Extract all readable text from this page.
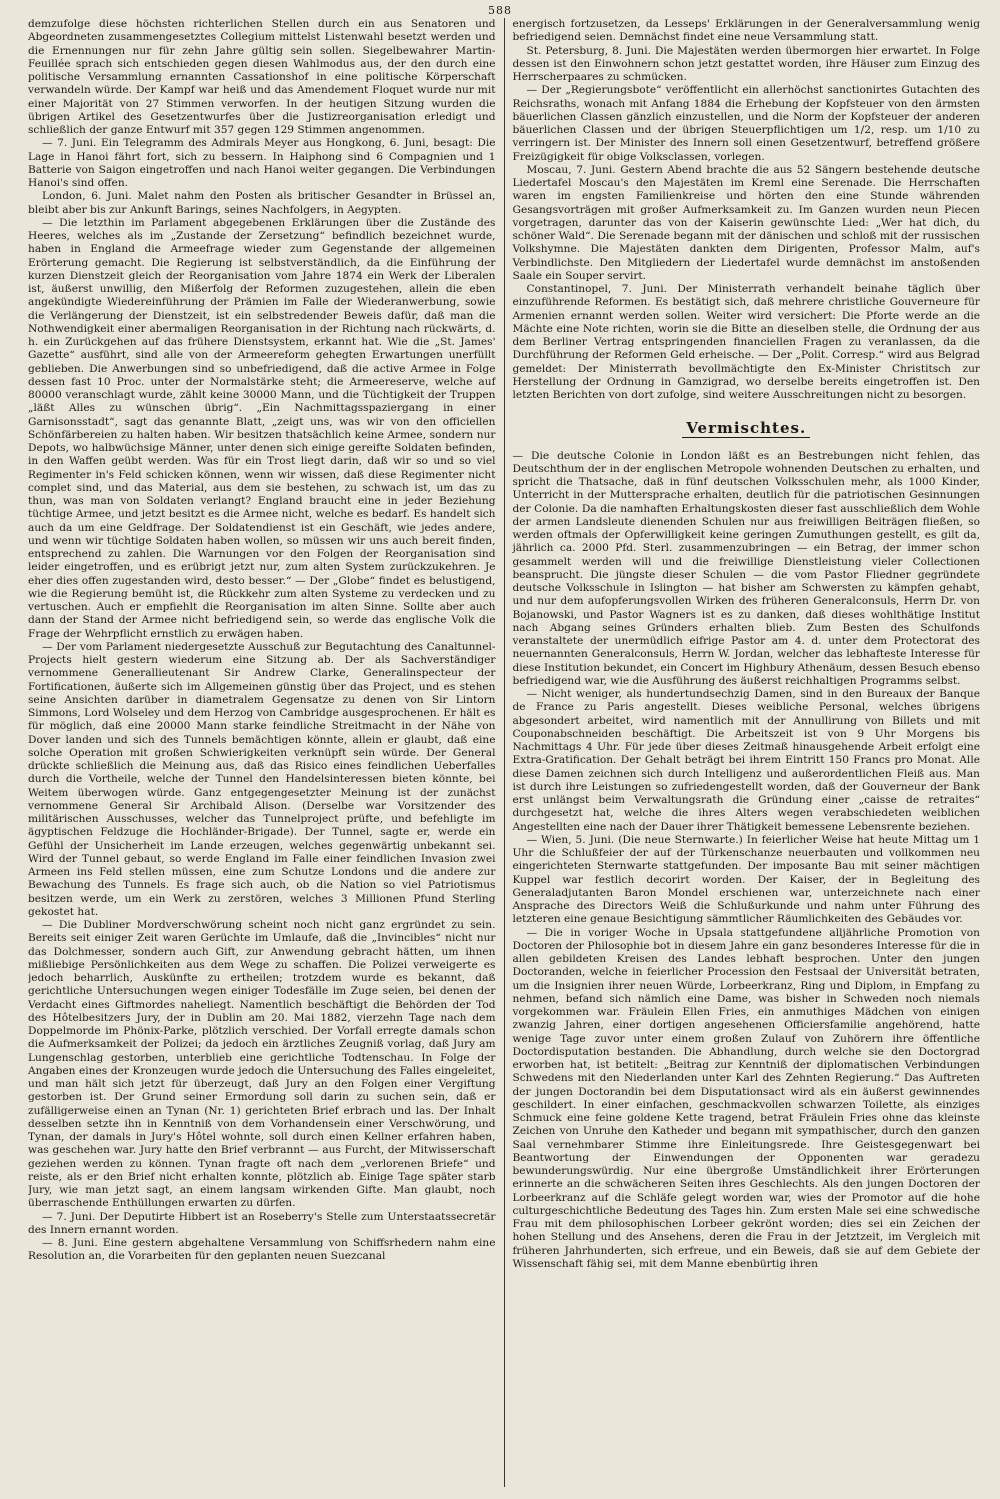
588

demzufolge diese höchsten richterlichen Stellen durch ein aus Senatoren und Abgeordneten zusammengesetztes Collegium mittelst Listenwahl besetzt werden und die Ernennungen nur für zehn Jahre gültig sein sollen. Siegelbewahrer Martin-Feuillée sprach sich entschieden gegen diesen Wahlmodus aus, der den durch eine politische Versammlung ernannten Cassationshof in eine politische Körperschaft verwandeln würde. Der Kampf war heiß und das Amendement Floquet wurde nur mit einer Majorität von 27 Stimmen verworfen. In der heutigen Sitzung wurden die übrigen Artikel des Gesetzentwurfes über die Justizreorganisation erledigt und schließlich der ganze Entwurf mit 357 gegen 129 Stimmen angenommen.

— 7. Juni. Ein Telegramm des Admirals Meyer aus Hongkong, 6. Juni, besagt: Die Lage in Hanoi fährt fort, sich zu bessern. In Haiphong sind 6 Compagnien und 1 Batterie von Saigon eingetroffen und nach Hanoi weiter gegangen. Die Verbindungen Hanoi's sind offen.

London, 6. Juni. Malet nahm den Posten als britischer Gesandter in Brüssel an, bleibt aber bis zur Ankunft Barings, seines Nachfolgers, in Aegypten.

— Die letzthin im Parlament abgegebenen Erklärungen über die Zustände des Heeres, welches als im „Zustande der Zersetzung“ befindlich bezeichnet wurde, haben in England die Armeefrage wieder zum Gegenstande der allgemeinen Erörterung gemacht. Die Regierung ist selbstverständlich, da die Einführung der kurzen Dienstzeit gleich der Reorganisation vom Jahre 1874 ein Werk der Liberalen ist, äußerst unwillig, den Mißerfolg der Reformen zuzugestehen, allein die eben angekündigte Wiedereinführung der Prämien im Falle der Wiederanwerbung, sowie die Verlängerung der Dienstzeit, ist ein selbstredender Beweis dafür, daß man die Nothwendigkeit einer abermaligen Reorganisation in der Richtung nach rückwärts, d. h. ein Zurückgehen auf das frühere Dienstsystem, erkannt hat. Wie die „St. James' Gazette“ ausführt, sind alle von der Armeereform gehegten Erwartungen unerfüllt geblieben. Die Anwerbungen sind so unbefriedigend, daß die active Armee in Folge dessen fast 10 Proc. unter der Normalstärke steht; die Armeereserve, welche auf 80000 veranschlagt wurde, zählt keine 30000 Mann, und die Tüchtigkeit der Truppen „läßt Alles zu wünschen übrig“. „Ein Nachmittagsspaziergang in einer Garnisonsstadt“, sagt das genannte Blatt, „zeigt uns, was wir von den officiellen Schönfärbereien zu halten haben. Wir besitzen thatsächlich keine Armee, sondern nur Depots, wo halbwüchsige Männer, unter denen sich einige gereifte Soldaten befinden, in den Waffen geübt werden. Was für ein Trost liegt darin, daß wir so und so viel Regimenter in's Feld schicken können, wenn wir wissen, daß diese Regimenter nicht complet sind, und das Material, aus dem sie bestehen, zu schwach ist, um das zu thun, was man von Soldaten verlangt? England braucht eine in jeder Beziehung tüchtige Armee, und jetzt besitzt es die Armee nicht, welche es bedarf. Es handelt sich auch da um eine Geldfrage. Der Soldatendienst ist ein Geschäft, wie jedes andere, und wenn wir tüchtige Soldaten haben wollen, so müssen wir uns auch bereit finden, entsprechend zu zahlen. Die Warnungen vor den Folgen der Reorganisation sind leider eingetroffen, und es erübrigt jetzt nur, zum alten System zurückzukehren. Je eher dies offen zugestanden wird, desto besser.“ — Der „Globe“ findet es belustigend, wie die Regierung bemüht ist, die Rückkehr zum alten Systeme zu verdecken und zu vertuschen. Auch er empfiehlt die Reorganisation im alten Sinne. Sollte aber auch dann der Stand der Armee nicht befriedigend sein, so werde das englische Volk die Frage der Wehrpflicht ernstlich zu erwägen haben.

— Der vom Parlament niedergesetzte Ausschuß zur Begutachtung des Canaltunnel-Projects hielt gestern wiederum eine Sitzung ab. Der als Sachverständiger vernommene Generallieutenant Sir Andrew Clarke, Generalinspecteur der Fortificationen, äußerte sich im Allgemeinen günstig über das Project, und es stehen seine Ansichten darüber in diametralem Gegensatze zu denen von Sir Lintorn Simmons, Lord Wolseley und dem Herzog von Cambridge ausgesprochenen. Er hält es für möglich, daß eine 20000 Mann starke feindliche Streitmacht in der Nähe von Dover landen und sich des Tunnels bemächtigen könnte, allein er glaubt, daß eine solche Operation mit großen Schwierigkeiten verknüpft sein würde. Der General drückte schließlich die Meinung aus, daß das Risico eines feindlichen Ueberfalles durch die Vortheile, welche der Tunnel den Handelsinteressen bieten könnte, bei Weitem überwogen würde. Ganz entgegengesetzter Meinung ist der zunächst vernommene General Sir Archibald Alison. (Derselbe war Vorsitzender des militärischen Ausschusses, welcher das Tunnelproject prüfte, und befehligte im ägyptischen Feldzuge die Hochländer-Brigade). Der Tunnel, sagte er, werde ein Gefühl der Unsicherheit im Lande erzeugen, welches gegenwärtig unbekannt sei. Wird der Tunnel gebaut, so werde England im Falle einer feindlichen Invasion zwei Armeen ins Feld stellen müssen, eine zum Schutze Londons und die andere zur Bewachung des Tunnels. Es frage sich auch, ob die Nation so viel Patriotismus besitzen werde, um ein Werk zu zerstören, welches 3 Millionen Pfund Sterling gekostet hat.

— Die Dubliner Mordverschwörung scheint noch nicht ganz ergründet zu sein. Bereits seit einiger Zeit waren Gerüchte im Umlaufe, daß die „Invincibles“ nicht nur das Dolchmesser, sondern auch Gift, zur Anwendung gebracht hätten, um ihnen mißliebige Persönlichkeiten aus dem Wege zu schaffen. Die Polizei verweigerte es jedoch beharrlich, Auskünfte zu ertheilen; trotzdem wurde es bekannt, daß gerichtliche Untersuchungen wegen einiger Todesfälle im Zuge seien, bei denen der Verdacht eines Giftmordes naheliegt. Namentlich beschäftigt die Behörden der Tod des Hôtelbesitzers Jury, der in Dublin am 20. Mai 1882, vierzehn Tage nach dem Doppelmorde im Phönix-Parke, plötzlich verschied. Der Vorfall erregte damals schon die Aufmerksamkeit der Polizei; da jedoch ein ärztliches Zeugniß vorlag, daß Jury am Lungenschlag gestorben, unterblieb eine gerichtliche Todtenschau. In Folge der Angaben eines der Kronzeugen wurde jedoch die Untersuchung des Falles eingeleitet, und man hält sich jetzt für überzeugt, daß Jury an den Folgen einer Vergiftung gestorben ist. Der Grund seiner Ermordung soll darin zu suchen sein, daß er zufälligerweise einen an Tynan (Nr. 1) gerichteten Brief erbrach und las. Der Inhalt desselben setzte ihn in Kenntniß von dem Vorhandensein einer Verschwörung, und Tynan, der damals in Jury's Hôtel wohnte, soll durch einen Kellner erfahren haben, was geschehen war. Jury hatte den Brief verbrannt — aus Furcht, der Mitwisserschaft geziehen werden zu können. Tynan fragte oft nach dem „verlorenen Briefe“ und reiste, als er den Brief nicht erhalten konnte, plötzlich ab. Einige Tage später starb Jury, wie man jetzt sagt, an einem langsam wirkenden Gifte. Man glaubt, noch überraschende Enthüllungen erwarten zu dürfen.

— 7. Juni. Der Deputirte Hibbert ist an Roseberry's Stelle zum Unterstaatssecretär des Innern ernannt worden.

— 8. Juni. Eine gestern abgehaltene Versammlung von Schiffsrhedern nahm eine Resolution an, die Vorarbeiten für den geplanten neuen Suezcanal

energisch fortzusetzen, da Lesseps' Erklärungen in der Generalversammlung wenig befriedigend seien. Demnächst findet eine neue Versammlung statt.

St. Petersburg, 8. Juni. Die Majestäten werden übermorgen hier erwartet. In Folge dessen ist den Einwohnern schon jetzt gestattet worden, ihre Häuser zum Einzug des Herrscherpaares zu schmücken.

— Der „Regierungsbote“ veröffentlicht ein allerhöchst sanctionirtes Gutachten des Reichsraths, wonach mit Anfang 1884 die Erhebung der Kopfsteuer von den ärmsten bäuerlichen Classen gänzlich einzustellen, und die Norm der Kopfsteuer der anderen bäuerlichen Classen und der übrigen Steuerpflichtigen um 1/2, resp. um 1/10 zu verringern ist. Der Minister des Innern soll einen Gesetzentwurf, betreffend größere Freizügigkeit für obige Volksclassen, vorlegen.

Moscau, 7. Juni. Gestern Abend brachte die aus 52 Sängern bestehende deutsche Liedertafel Moscau's den Majestäten im Kreml eine Serenade. Die Herrschaften waren im engsten Familienkreise und hörten den eine Stunde währenden Gesangsvorträgen mit großer Aufmerksamkeit zu. Im Ganzen wurden neun Piecen vorgetragen, darunter das von der Kaiserin gewünschte Lied: „Wer hat dich, du schöner Wald“. Die Serenade begann mit der dänischen und schloß mit der russischen Volkshymne. Die Majestäten dankten dem Dirigenten, Professor Malm, auf's Verbindlichste. Den Mitgliedern der Liedertafel wurde demnächst im anstoßenden Saale ein Souper servirt.

Constantinopel, 7. Juni. Der Ministerrath verhandelt beinahe täglich über einzuführende Reformen. Es bestätigt sich, daß mehrere christliche Gouverneure für Armenien ernannt werden sollen. Weiter wird versichert: Die Pforte werde an die Mächte eine Note richten, worin sie die Bitte an dieselben stelle, die Ordnung der aus dem Berliner Vertrag entspringenden financiellen Fragen zu veranlassen, da die Durchführung der Reformen Geld erheische. — Der „Polit. Corresp.“ wird aus Belgrad gemeldet: Der Ministerrath bevollmächtigte den Ex-Minister Christitsch zur Herstellung der Ordnung in Gamzigrad, wo derselbe bereits eingetroffen ist. Den letzten Berichten von dort zufolge, sind weitere Ausschreitungen nicht zu besorgen.

Vermischtes.

— Die deutsche Colonie in London läßt es an Bestrebungen nicht fehlen, das Deutschthum der in der englischen Metropole wohnenden Deutschen zu erhalten, und spricht die Thatsache, daß in fünf deutschen Volksschulen mehr, als 1000 Kinder, Unterricht in der Muttersprache erhalten, deutlich für die patriotischen Gesinnungen der Colonie. Da die namhaften Erhaltungskosten dieser fast ausschließlich dem Wohle der armen Landsleute dienenden Schulen nur aus freiwilligen Beiträgen fließen, so werden oftmals der Opferwilligkeit keine geringen Zumuthungen gestellt, es gilt da, jährlich ca. 2000 Pfd. Sterl. zusammenzubringen — ein Betrag, der immer schon gesammelt werden will und die freiwillige Dienstleistung vieler Collectionen beansprucht. Die jüngste dieser Schulen — die vom Pastor Fliedner gegründete deutsche Volksschule in Islington — hat bisher am Schwersten zu kämpfen gehabt, und nur dem aufopferungsvollen Wirken des früheren Generalconsuls, Herrn Dr. von Bojanowski, und Pastor Wagners ist es zu danken, daß dieses wohlthätige Institut nach Abgang seines Gründers erhalten blieb. Zum Besten des Schulfonds veranstaltete der unermüdlich eifrige Pastor am 4. d. unter dem Protectorat des neuernannten Generalconsuls, Herrn W. Jordan, welcher das lebhafteste Interesse für diese Institution bekundet, ein Concert im Highbury Athenäum, dessen Besuch ebenso befriedigend war, wie die Ausführung des äußerst reichhaltigen Programms selbst.

— Nicht weniger, als hundertundsechzig Damen, sind in den Bureaux der Banque de France zu Paris angestellt. Dieses weibliche Personal, welches übrigens abgesondert arbeitet, wird namentlich mit der Annullirung von Billets und mit Couponabschneiden beschäftigt. Die Arbeitszeit ist von 9 Uhr Morgens bis Nachmittags 4 Uhr. Für jede über dieses Zeitmaß hinausgehende Arbeit erfolgt eine Extra-Gratification. Der Gehalt beträgt bei ihrem Eintritt 150 Francs pro Monat. Alle diese Damen zeichnen sich durch Intelligenz und außerordentlichen Fleiß aus. Man ist durch ihre Leistungen so zufriedengestellt worden, daß der Gouverneur der Bank erst unlängst beim Verwaltungsrath die Gründung einer „caisse de retraites“ durchgesetzt hat, welche die ihres Alters wegen verabschiedeten weiblichen Angestellten eine nach der Dauer ihrer Thätigkeit bemessene Lebensrente beziehen.

— Wien, 5. Juni. (Die neue Sternwarte.) In feierlicher Weise hat heute Mittag um 1 Uhr die Schlußfeier der auf der Türkenschanze neuerbauten und vollkommen neu eingerichteten Sternwarte stattgefunden. Der imposante Bau mit seiner mächtigen Kuppel war festlich decorirt worden. Der Kaiser, der in Begleitung des Generaladjutanten Baron Mondel erschienen war, unterzeichnete nach einer Ansprache des Directors Weiß die Schlußurkunde und nahm unter Führung des letzteren eine genaue Besichtigung sämmtlicher Räumlichkeiten des Gebäudes vor.

— Die in voriger Woche in Upsala stattgefundene alljährliche Promotion von Doctoren der Philosophie bot in diesem Jahre ein ganz besonderes Interesse für die in allen gebildeten Kreisen des Landes lebhaft besprochen. Unter den jungen Doctoranden, welche in feierlicher Procession den Festsaal der Universität betraten, um die Insignien ihrer neuen Würde, Lorbeerkranz, Ring und Diplom, in Empfang zu nehmen, befand sich nämlich eine Dame, was bisher in Schweden noch niemals vorgekommen war. Fräulein Ellen Fries, ein anmuthiges Mädchen von einigen zwanzig Jahren, einer dortigen angesehenen Officiersfamilie angehörend, hatte wenige Tage zuvor unter einem großen Zulauf von Zuhörern ihre öffentliche Doctordisputation bestanden. Die Abhandlung, durch welche sie den Doctorgrad erworben hat, ist betitelt: „Beitrag zur Kenntniß der diplomatischen Verbindungen Schwedens mit den Niederlanden unter Karl des Zehnten Regierung.“ Das Auftreten der jungen Doctorandin bei dem Disputationsact wird als ein äußerst gewinnendes geschildert. In einer einfachen, geschmackvollen schwarzen Toilette, als einziges Schmuck eine feine goldene Kette tragend, betrat Fräulein Fries ohne das kleinste Zeichen von Unruhe den Katheder und begann mit sympathischer, durch den ganzen Saal vernehmbarer Stimme ihre Einleitungsrede. Ihre Geistesgegenwart bei Beantwortung der Einwendungen der Opponenten war geradezu bewunderungswürdig. Nur eine übergroße Umständlichkeit ihrer Erörterungen erinnerte an die schwächeren Seiten ihres Geschlechts. Als den jungen Doctoren der Lorbeerkranz auf die Schläfe gelegt worden war, wies der Promotor auf die hohe culturgeschichtliche Bedeutung des Tages hin. Zum ersten Male sei eine schwedische Frau mit dem philosophischen Lorbeer gekrönt worden; dies sei ein Zeichen der hohen Stellung und des Ansehens, deren die Frau in der Jetztzeit, im Vergleich mit früheren Jahrhunderten, sich erfreue, und ein Beweis, daß sie auf dem Gebiete der Wissenschaft fähig sei, mit dem Manne ebenbürtig ihren
